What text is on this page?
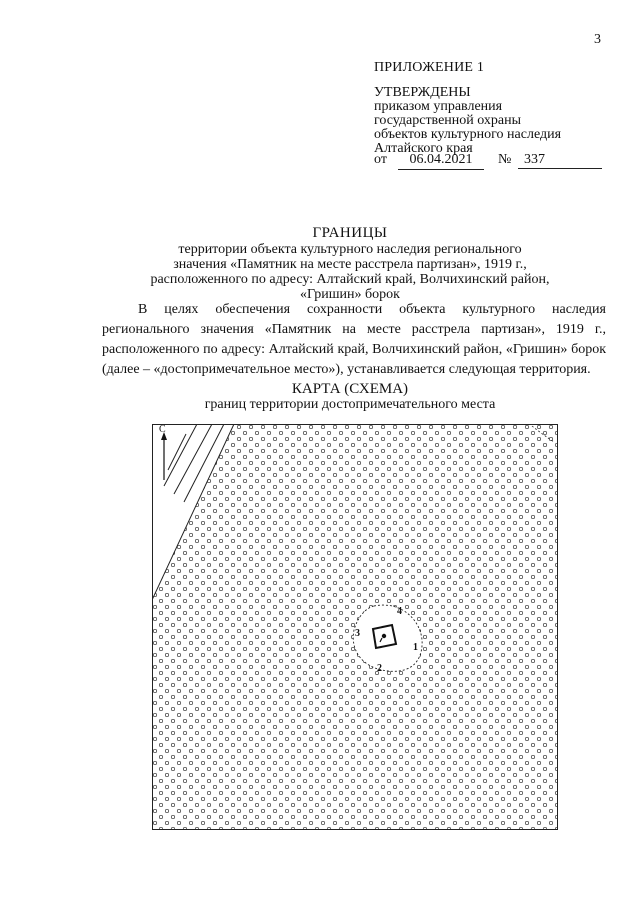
3
ПРИЛОЖЕНИЕ 1
УТВЕРЖДЕНЫ
приказом управления
государственной охраны
объектов культурного наследия
Алтайского края
от	06.04.2021	№ 337
ГРАНИЦЫ
территории объекта культурного наследия регионального
значения «Памятник на месте расстрела партизан», 1919 г.,
расположенного по адресу: Алтайский край, Волчихинский район,
«Гришин» борок

В целях обеспечения сохранности объекта культурного наследия регионального значения «Памятник на месте расстрела партизан», 1919 г., расположенного по адресу: Алтайский край, Волчихинский район, «Гришин» борок (далее – «достопримечательное место»), устанавливается следующая территория.

КАРТА (СХЕМА)
границ территории достопримечательного места
С
4
3
1
2
